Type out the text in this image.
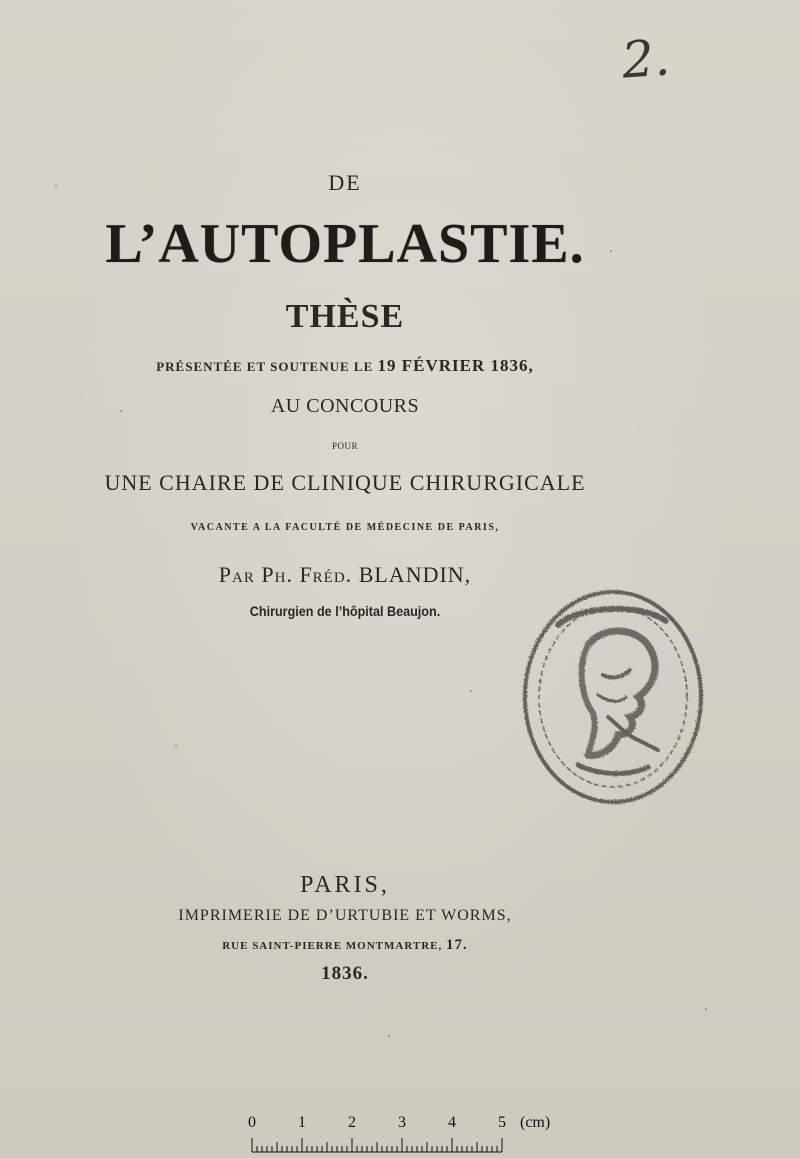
2.
DE
L’AUTOPLASTIE.
THÈSE
PRÉSENTÉE ET SOUTENUE LE 19 FÉVRIER 1836,
AU CONCOURS
POUR
UNE CHAIRE DE CLINIQUE CHIRURGICALE
VACANTE A LA FACULTÉ DE MÉDECINE DE PARIS,
Par Ph. Fréd. BLANDIN,
Chirurgien de l’hôpital Beaujon.
PARIS,
IMPRIMERIE DE D’URTUBIE ET WORMS,
RUE SAINT-PIERRE MONTMARTRE, 17.
1836.
0	1	2	3	4	5 (cm)
